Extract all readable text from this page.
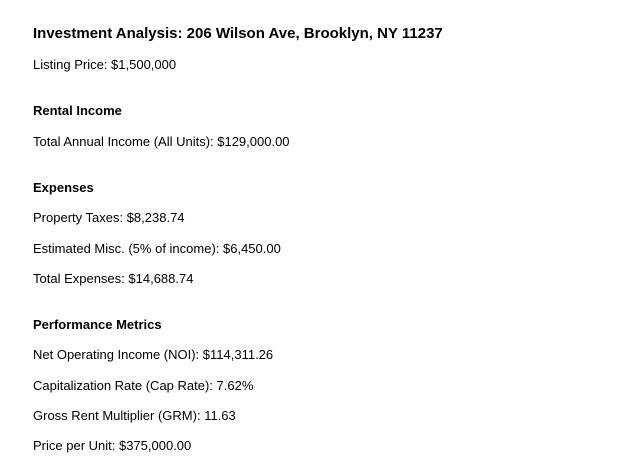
Investment Analysis: 206 Wilson Ave, Brooklyn, NY 11237
Listing Price: $1,500,000
Rental Income
Total Annual Income (All Units): $129,000.00
Expenses
Property Taxes: $8,238.74
Estimated Misc. (5% of income): $6,450.00
Total Expenses: $14,688.74
Performance Metrics
Net Operating Income (NOI): $114,311.26
Capitalization Rate (Cap Rate): 7.62%
Gross Rent Multiplier (GRM): 11.63
Price per Unit: $375,000.00
